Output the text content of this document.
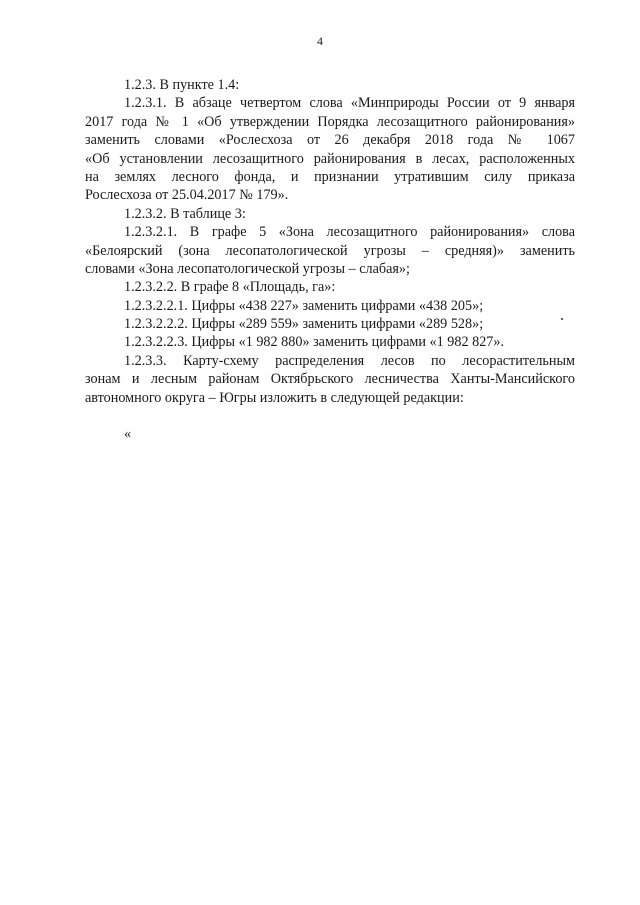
4
1.2.3. В пункте 1.4:
1.2.3.1. В абзаце четвертом слова «Минприроды России от 9 января
2017 года № 1 «Об утверждении Порядка лесозащитного районирования»
заменить словами «Рослесхоза от 26 декабря 2018 года № 1067
«Об установлении лесозащитного районирования в лесах, расположенных
на землях лесного фонда, и признании утратившим силу приказа
Рослесхоза от 25.04.2017 № 179».
1.2.3.2. В таблице 3:
1.2.3.2.1. В графе 5 «Зона лесозащитного районирования» слова
«Белоярский (зона лесопатологической угрозы – средняя)» заменить
словами «Зона лесопатологической угрозы – слабая»;
1.2.3.2.2. В графе 8 «Площадь, га»:
1.2.3.2.2.1. Цифры «438 227» заменить цифрами «438 205»;
1.2.3.2.2.2. Цифры «289 559» заменить цифрами «289 528»;
1.2.3.2.2.3. Цифры «1 982 880» заменить цифрами «1 982 827».
1.2.3.3. Карту-схему распределения лесов по лесорастительным
зонам и лесным районам Октябрьского лесничества Ханты-Мансийского
автономного округа – Югры изложить в следующей редакции:
«
